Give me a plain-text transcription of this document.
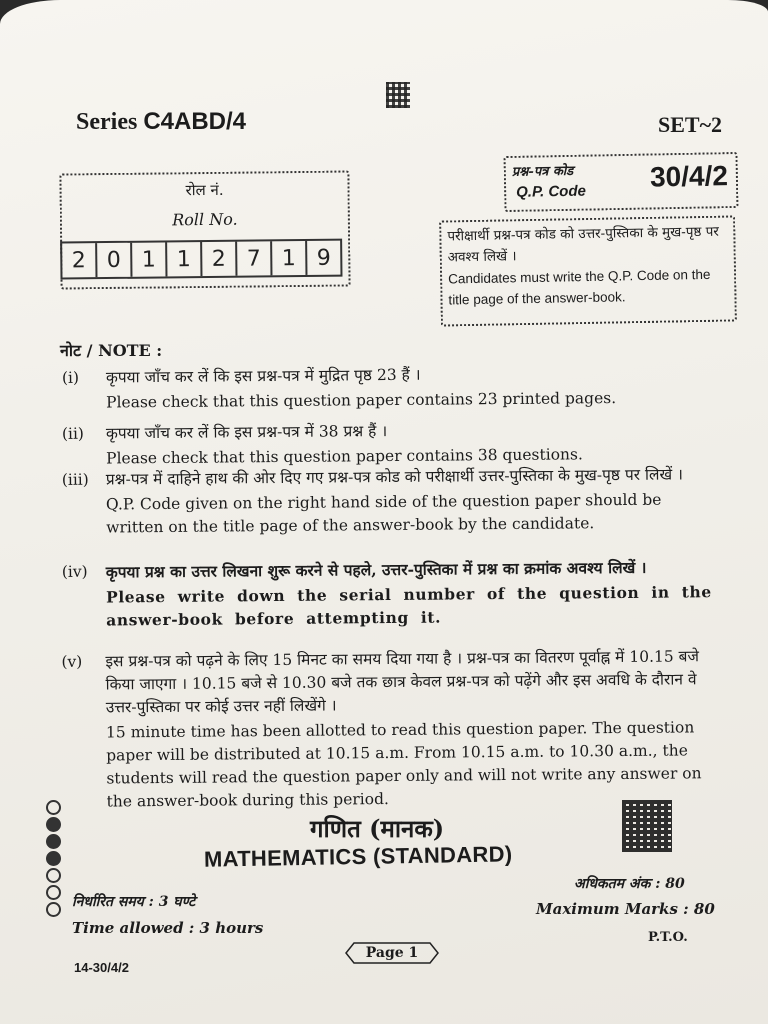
Series C4ABD/4	SET~2
रोल नं.
Roll No.
2 0 1 1 2 7 1 9
प्रश्न-पत्र कोड
Q.P. Code 30/4/2
परीक्षार्थी प्रश्न-पत्र कोड को उत्तर-पुस्तिका के मुख-पृष्ठ पर अवश्य लिखें ।
Candidates must write the Q.P. Code on the title page of the answer-book.
नोट / NOTE :
(i)	कृपया जाँच कर लें कि इस प्रश्न-पत्र में मुद्रित पृष्ठ 23 हैं ।
Please check that this question paper contains 23 printed pages.
(ii)	कृपया जाँच कर लें कि इस प्रश्न-पत्र में 38 प्रश्न हैं ।
Please check that this question paper contains 38 questions.
(iii)	प्रश्न-पत्र में दाहिने हाथ की ओर दिए गए प्रश्न-पत्र कोड को परीक्षार्थी उत्तर-पुस्तिका के मुख-पृष्ठ पर लिखें ।
Q.P. Code given on the right hand side of the question paper should be written on the title page of the answer-book by the candidate.
(iv)	कृपया प्रश्न का उत्तर लिखना शुरू करने से पहले, उत्तर-पुस्तिका में प्रश्न का क्रमांक अवश्य लिखें ।
Please write down the serial number of the question in the answer-book before attempting it.
(v)	इस प्रश्न-पत्र को पढ़ने के लिए 15 मिनट का समय दिया गया है । प्रश्न-पत्र का वितरण पूर्वाह्न में 10.15 बजे किया जाएगा । 10.15 बजे से 10.30 बजे तक छात्र केवल प्रश्न-पत्र को पढ़ेंगे और इस अवधि के दौरान वे उत्तर-पुस्तिका पर कोई उत्तर नहीं लिखेंगे ।
15 minute time has been allotted to read this question paper. The question paper will be distributed at 10.15 a.m. From 10.15 a.m. to 10.30 a.m., the students will read the question paper only and will not write any answer on the answer-book during this period.
गणित (मानक)
MATHEMATICS (STANDARD)
निर्धारित समय : 3 घण्टे
Time allowed : 3 hours
अधिकतम अंक : 80
Maximum Marks : 80
P.T.O.
Page 1
14-30/4/2
